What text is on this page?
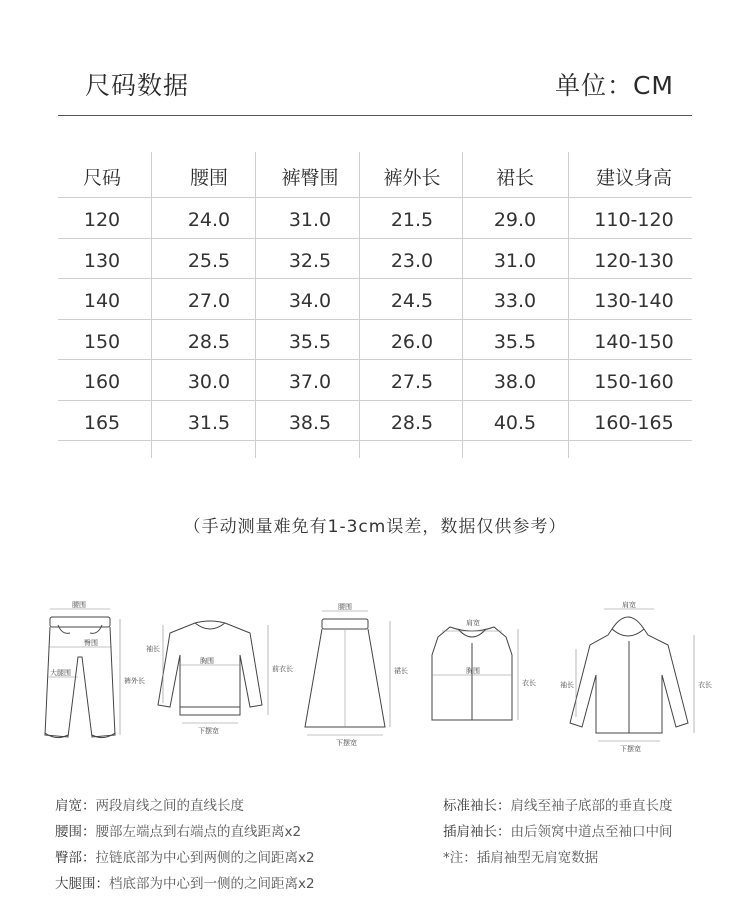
尺码数据	单位：CM
尺码	腰围	裤臀围	裤外长	裙长	建议身高
120	24.0	31.0	21.5	29.0	110-120
130	25.5	32.5	23.0	31.0	120-130
140	27.0	34.0	24.5	33.0	130-140
150	28.5	35.5	26.0	35.5	140-150
160	30.0	37.0	27.5	38.0	150-160
165	31.5	38.5	28.5	40.5	160-165
（手动测量难免有1-3cm误差，数据仅供参考）
腰围
臀围
大腿围
裤外长
袖长
胸围
下摆宽
前衣长
腰围
下摆宽
裙长
肩宽
胸围
衣长
肩宽
袖长	衣长
下摆宽
肩宽：两段肩线之间的直线长度
腰围：腰部左端点到右端点的直线距离x2
臀部：拉链底部为中心到两侧的之间距离x2
大腿围：档底部为中心到一侧的之间距离x2
标准袖长：肩线至袖子底部的垂直长度
插肩袖长：由后领窝中道点至袖口中间
*注：插肩袖型无肩宽数据
